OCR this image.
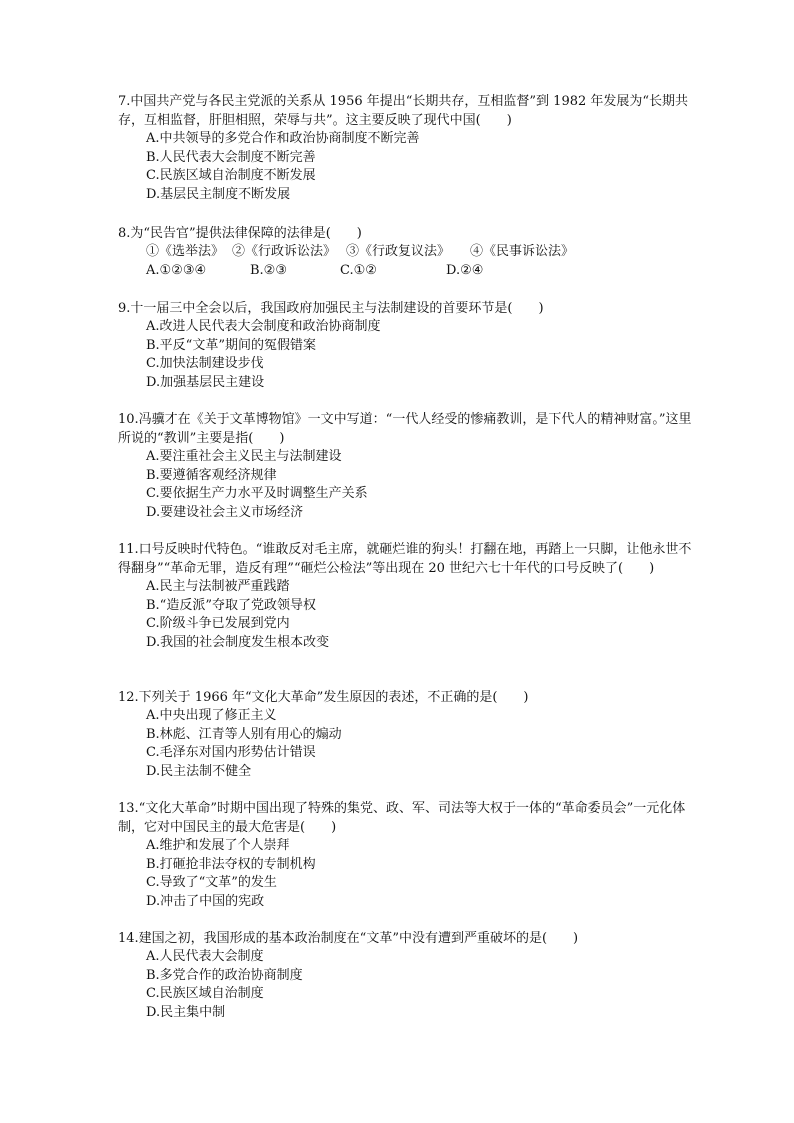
7.中国共产党与各民主党派的关系从 1956 年提出“长期共存，互相监督”到 1982 年发展为“长期共存，互相监督，肝胆相照，荣辱与共”。这主要反映了现代中国(　　)

A.中共领导的多党合作和政治协商制度不断完善

B.人民代表大会制度不断完善

C.民族区域自治制度不断发展

D.基层民主制度不断发展

8.为“民告官”提供法律保障的法律是(　　)

①《选举法》 ②《行政诉讼法》 ③《行政复议法》 ④《民事诉讼法》

A.①②③④	B.②③	C.①②	D.②④

9.十一届三中全会以后，我国政府加强民主与法制建设的首要环节是(　　)

A.改进人民代表大会制度和政治协商制度

B.平反“文革”期间的冤假错案

C.加快法制建设步伐

D.加强基层民主建设

10.冯骥才在《关于文革博物馆》一文中写道：“一代人经受的惨痛教训，是下代人的精神财富。”这里所说的“教训”主要是指(　　)

A.要注重社会主义民主与法制建设

B.要遵循客观经济规律

C.要依据生产力水平及时调整生产关系

D.要建设社会主义市场经济

11.口号反映时代特色。“谁敢反对毛主席，就砸烂谁的狗头！打翻在地，再踏上一只脚，让他永世不得翻身”“革命无罪，造反有理”“砸烂公检法”等出现在 20 世纪六七十年代的口号反映了(　　)

A.民主与法制被严重践踏

B.“造反派”夺取了党政领导权

C.阶级斗争已发展到党内

D.我国的社会制度发生根本改变

12.下列关于 1966 年“文化大革命”发生原因的表述，不正确的是(　　)

A.中央出现了修正主义

B.林彪、江青等人别有用心的煽动

C.毛泽东对国内形势估计错误

D.民主法制不健全

13.“文化大革命”时期中国出现了特殊的集党、政、军、司法等大权于一体的“革命委员会”一元化体制，它对中国民主的最大危害是(　　)

A.维护和发展了个人崇拜

B.打砸抢非法夺权的专制机构

C.导致了“文革”的发生

D.冲击了中国的宪政

14.建国之初，我国形成的基本政治制度在“文革”中没有遭到严重破坏的是(　　)

A.人民代表大会制度

B.多党合作的政治协商制度

C.民族区域自治制度

D.民主集中制
